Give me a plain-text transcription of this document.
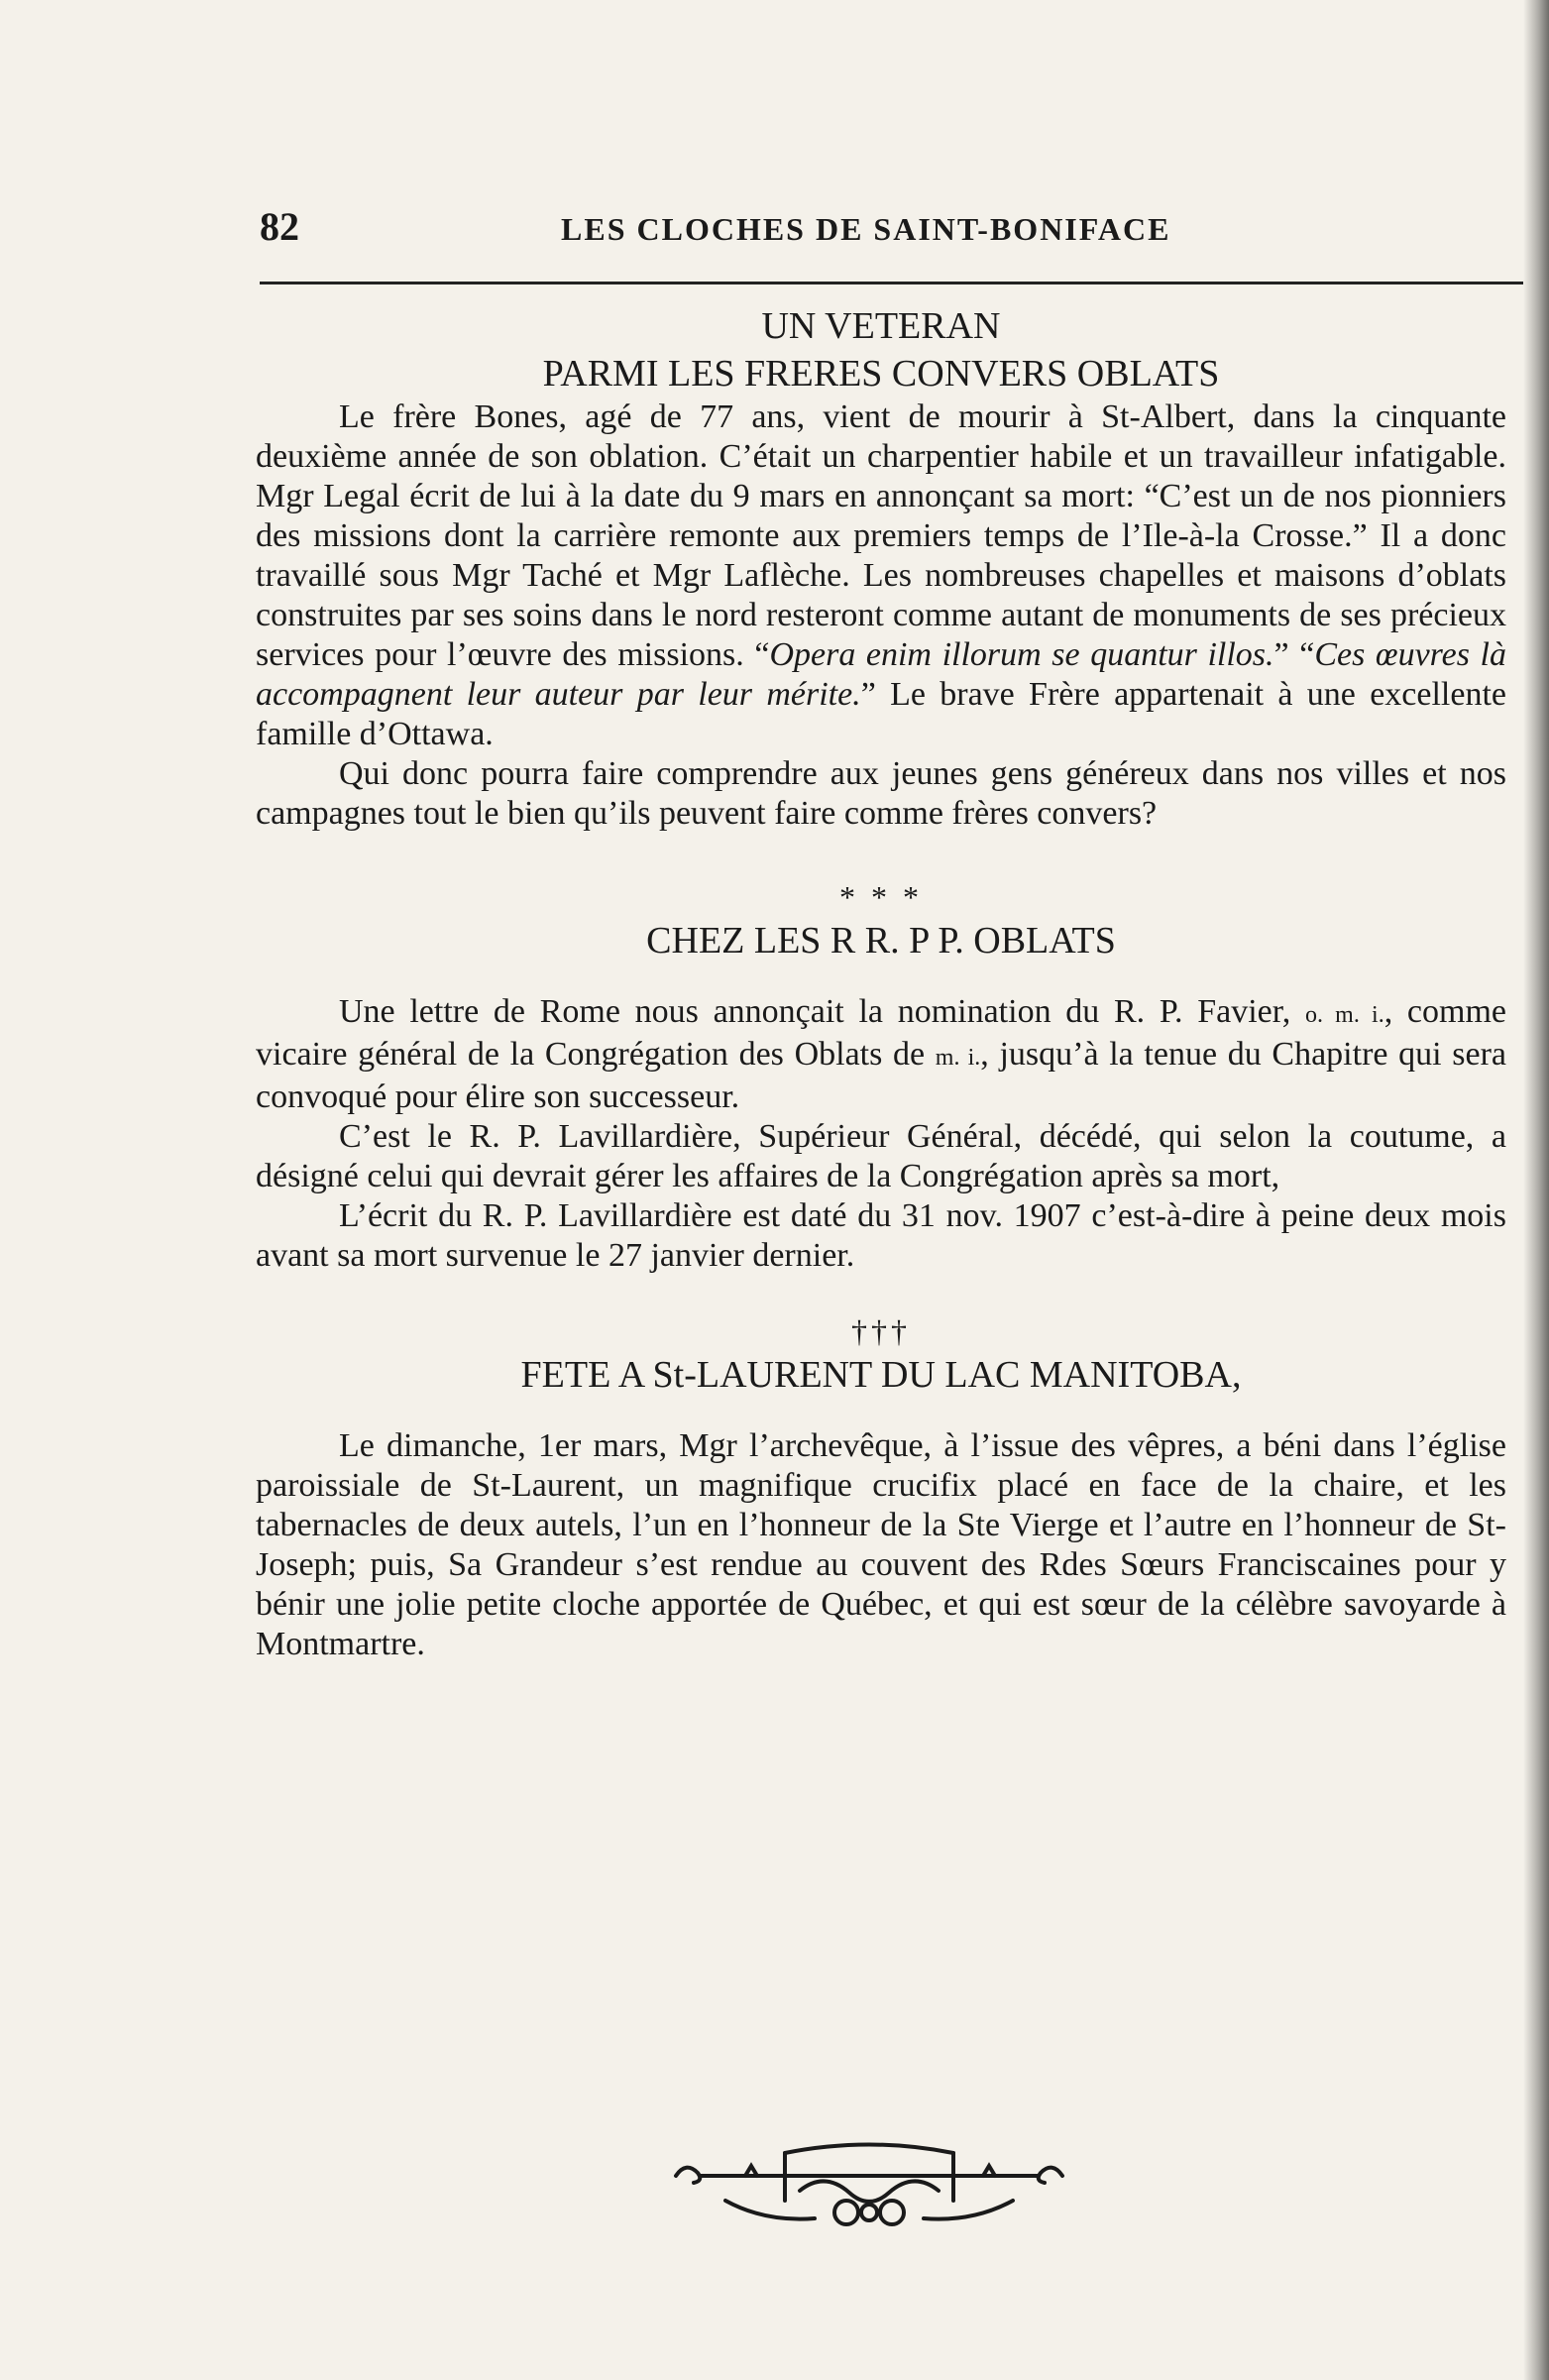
82	LES CLOCHES DE SAINT-BONIFACE
UN VETERAN
PARMI LES FRERES CONVERS OBLATS

Le frère Bones, agé de 77 ans, vient de mourir à St-Albert, dans la cinquante deuxième année de son oblation. C’était un charpentier habile et un travailleur infatigable. Mgr Legal écrit de lui à la date du 9 mars en annonçant sa mort: “C’est un de nos pionniers des missions dont la carrière remonte aux premiers temps de l’Ile-à-la Crosse.” Il a donc travaillé sous Mgr Taché et Mgr Laflèche. Les nombreuses chapelles et maisons d’oblats construites par ses soins dans le nord resteront comme autant de monuments de ses précieux services pour l’œuvre des missions. “Opera enim illorum se quantur illos.” “Ces œuvres là accompagnent leur auteur par leur mérite.” Le brave Frère appartenait à une excellente famille d’Ottawa.

Qui donc pourra faire comprendre aux jeunes gens généreux dans nos villes et nos campagnes tout le bien qu’ils peuvent faire comme frères convers?

* * *

CHEZ LES R R. P P. OBLATS

Une lettre de Rome nous annonçait la nomination du R. P. Favier, o. m. i., comme vicaire général de la Congrégation des Oblats de m. i., jusqu’à la tenue du Chapitre qui sera convoqué pour élire son successeur.

C’est le R. P. Lavillardière, Supérieur Général, décédé, qui selon la coutume, a désigné celui qui devrait gérer les affaires de la Congrégation après sa mort,

L’écrit du R. P. Lavillardière est daté du 31 nov. 1907 c’est-à-dire à peine deux mois avant sa mort survenue le 27 janvier dernier.

†††

FETE A St-LAURENT DU LAC MANITOBA,

Le dimanche, 1er mars, Mgr l’archevêque, à l’issue des vêpres, a béni dans l’église paroissiale de St-Laurent, un magnifique crucifix placé en face de la chaire, et les tabernacles de deux autels, l’un en l’honneur de la Ste Vierge et l’autre en l’honneur de St-Joseph; puis, Sa Grandeur s’est rendue au couvent des Rdes Sœurs Franciscaines pour y bénir une jolie petite cloche apportée de Québec, et qui est sœur de la célèbre savoyarde à Montmartre.
